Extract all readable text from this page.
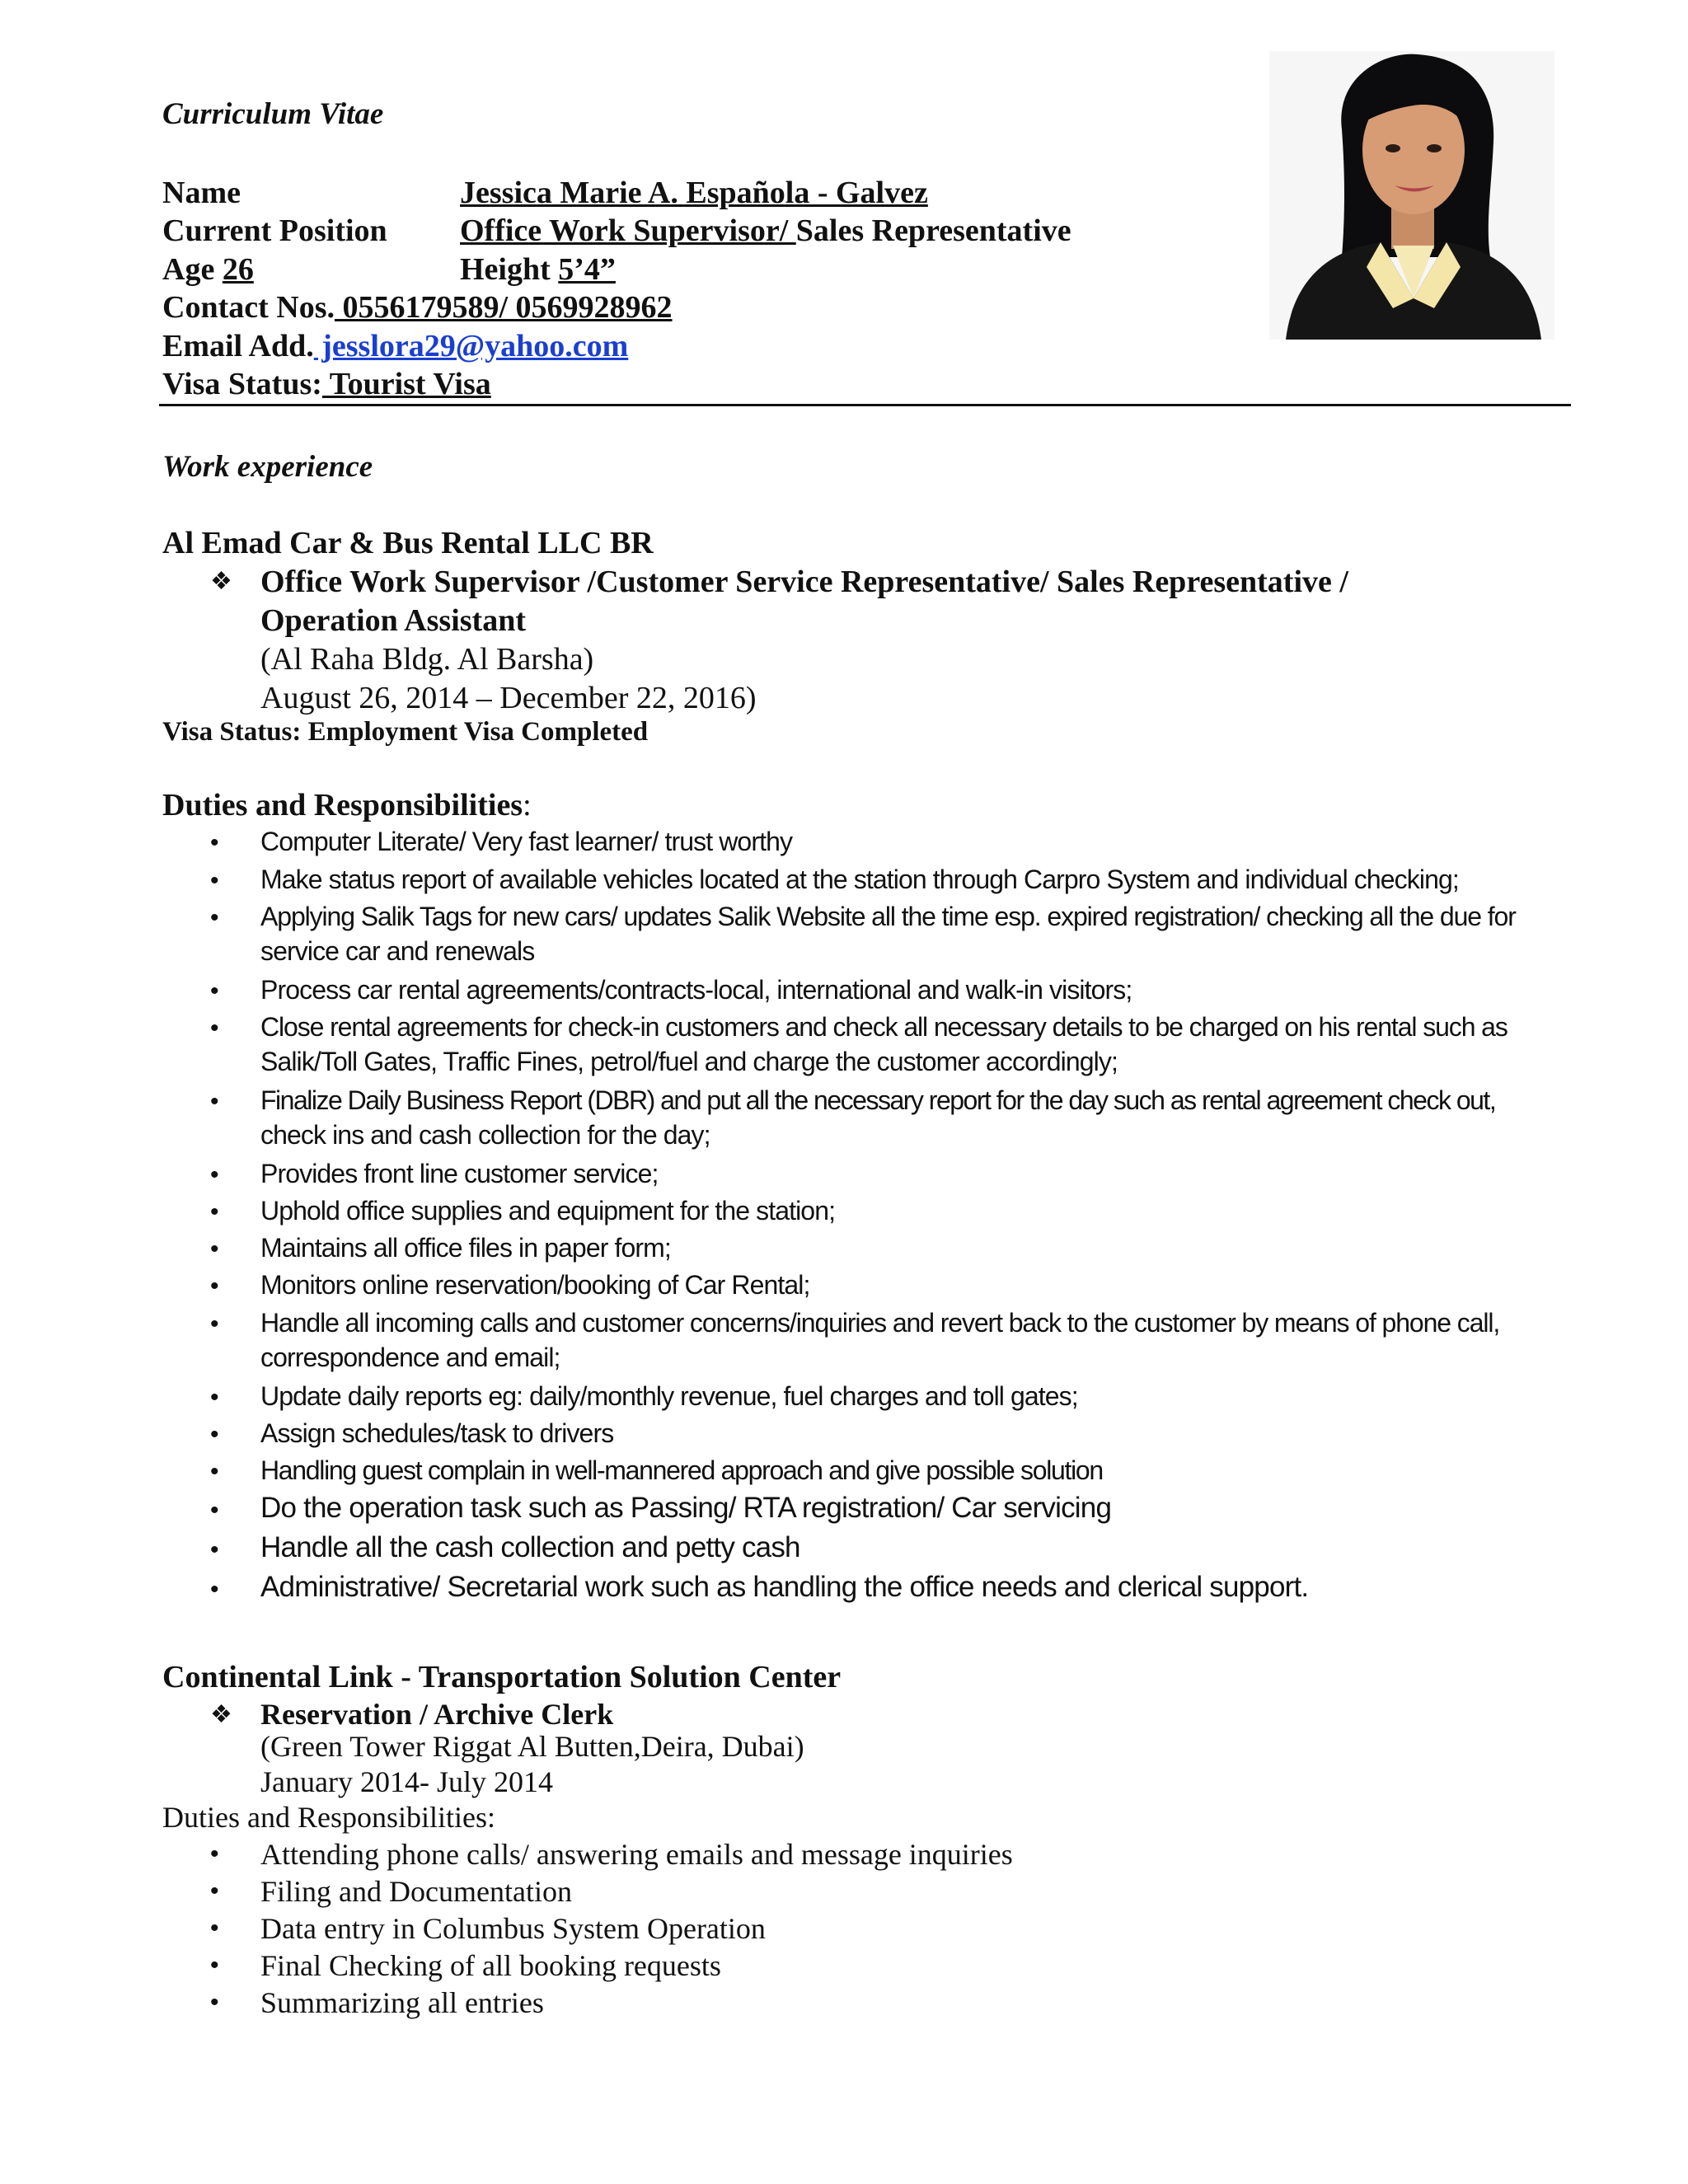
Curriculum Vitae
Name	Jessica Marie A. Española - Galvez
Current Position Office Work Supervisor/ Sales Representative
Age 26	Height 5’4”
Contact Nos. 0556179589/ 0569928962
Email Add. jesslora29@yahoo.com
Visa Status: Tourist Visa
Work experience
Al Emad Car & Bus Rental LLC BR
❖ Office Work Supervisor /Customer Service Representative/ Sales Representative /
Operation Assistant
(Al Raha Bldg. Al Barsha)
August 26, 2014 – December 22, 2016)
Visa Status: Employment Visa Completed
Duties and Responsibilities:
• Computer Literate/ Very fast learner/ trust worthy
• Make status report of available vehicles located at the station through Carpro System and individual checking;
• Applying Salik Tags for new cars/ updates Salik Website all the time esp. expired registration/ checking all the due for
service car and renewals
• Process car rental agreements/contracts-local, international and walk-in visitors;
• Close rental agreements for check-in customers and check all necessary details to be charged on his rental such as
Salik/Toll Gates, Traffic Fines, petrol/fuel and charge the customer accordingly;
• Finalize Daily Business Report (DBR) and put all the necessary report for the day such as rental agreement check out,
check ins and cash collection for the day;
• Provides front line customer service;
• Uphold office supplies and equipment for the station;
• Maintains all office files in paper form;
• Monitors online reservation/booking of Car Rental;
• Handle all incoming calls and customer concerns/inquiries and revert back to the customer by means of phone call,
correspondence and email;
• Update daily reports eg: daily/monthly revenue, fuel charges and toll gates;
• Assign schedules/task to drivers
• Handling guest complain in well-mannered approach and give possible solution
• Do the operation task such as Passing/ RTA registration/ Car servicing
• Handle all the cash collection and petty cash
• Administrative/ Secretarial work such as handling the office needs and clerical support.
Continental Link - Transportation Solution Center
❖ Reservation / Archive Clerk
(Green Tower Riggat Al Butten,Deira, Dubai)
January 2014- July 2014
Duties and Responsibilities:
• Attending phone calls/ answering emails and message inquiries
• Filing and Documentation
• Data entry in Columbus System Operation
• Final Checking of all booking requests
• Summarizing all entries
